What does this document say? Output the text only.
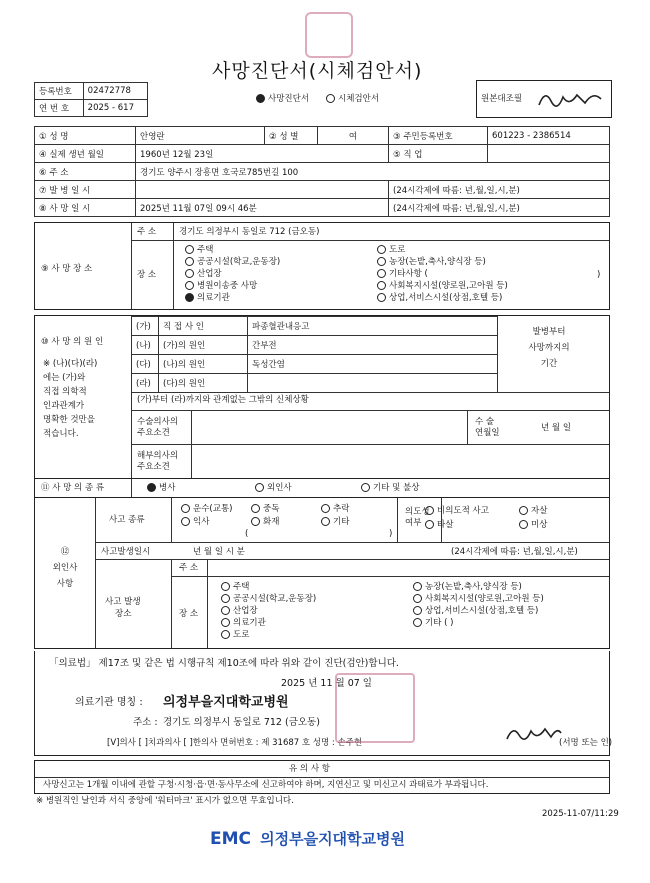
사망진단서(시체검안서)
등록번호	02472778
연 번 호	2025 - 617
사망진단서	시체검안서	원본대조필
① 성 명	안영란	② 성 별	여	③ 주민등록번호	601223 - 2386514
④ 실제 생년 월일	1960년 12월 23일			⑤ 직 업	
⑥ 주 소	경기도 양주시 장흥면 호국로785번길 100				
⑦ 발 병 일 시				(24시각제에 따름: 년,월,일,시,분)	
⑧ 사 망 일 시	2025년 11월 07일 09시 46분			(24시각제에 따름: 년,월,일,시,분)	
⑨ 사 망 장 소
주 소	경기도 의정부시 동일로 712 (금오동)
장 소
주택
공공시설(학교,운동장)
산업장
병원이송중 사망
의료기관
도로
농장(논밭,축사,양식장 등)
기타사항 (
사회복지시설(양로원,고아원 등)
상업,서비스시설(상점,호텔 등)
)
⑩ 사 망 의 원 인
※ (나)(다)(라)
에는 (가)와
직접 의학적
인과관계가
명확한 것만을
적습니다.
(가)	직 접 사 인	파종혈관내응고
(나)	(가)의 원인	간부전
(다)	(나)의 원인	독성간염
(라)	(다)의 원인	
발병부터
사망까지의
기간
(가)부터 (라)까지와 관계없는 그밖의 신체상황
수술의사의
주요소견
수 술
연월일	년 월 일
해부의사의
주요소견
⑪ 사 망 의 종 류	병사	외인사	기타 및 불상
⑫
외인사
사항
사고 종류
운수(교통)	중독	추락
익사	화재	기타
(	)
의도성
여부
비의도적 사고	자살
타살	미상
사고발생일시	년 월 일 시 분	(24시각제에 따름: 년,월,일,시,분)
사고 발생
장소
주 소
장 소
주택
공공시설(학교,운동장)
산업장
의료기관
도로
농장(논밭,축사,양식장 등)
사회복지시설(양로원,고아원 등)
상업,서비스시설(상점,호텔 등)
기타 ( )
「의료법」 제17조 및 같은 법 시행규칙 제10조에 따라 위와 같이 진단(검안)합니다.
2025 년 11 월 07 일
의료기관 명칭 : 의정부을지대학교병원
주소 : 경기도 의정부시 동일로 712 (금오동)
[V]의사 [ ]치과의사 [ ]한의사 면허번호 : 제 31687 호 성명 : 손주현	(서명 또는 인)
유 의 사 항
사망신고는 1개월 이내에 관할 구청·시청·읍·면·동사무소에 신고하여야 하며, 지연신고 및 미신고시 과태료가 부과됩니다.
※ 병원직인 날인과 서식 중앙에 '워터마크' 표시가 없으면 무효입니다.
2025-11-07/11:29
EMC 의정부을지대학교병원
